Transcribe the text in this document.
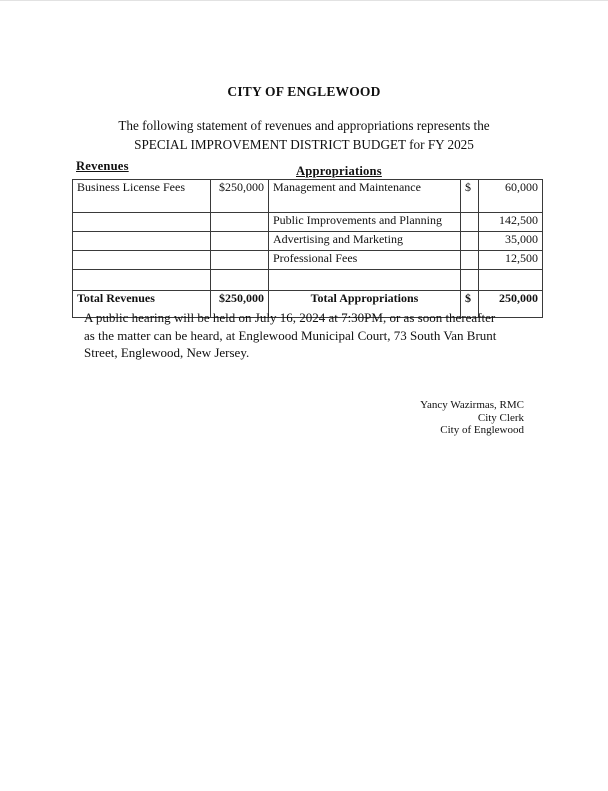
CITY OF ENGLEWOOD
The following statement of revenues and appropriations represents the
SPECIAL IMPROVEMENT DISTRICT BUDGET for FY 2025
Revenues	Appropriations
Business License Fees	$250,000	Management and Maintenance	$	60,000
		Public Improvements and Planning		142,500
		Advertising and Marketing		35,000
		Professional Fees		12,500

Total Revenues	$250,000	Total Appropriations	$	250,000
A public hearing will be held on July 16, 2024 at 7:30PM, or as soon thereafter as the matter can be heard, at Englewood Municipal Court, 73 South Van Brunt Street, Englewood, New Jersey.
Yancy Wazirmas, RMC
City Clerk
City of Englewood
